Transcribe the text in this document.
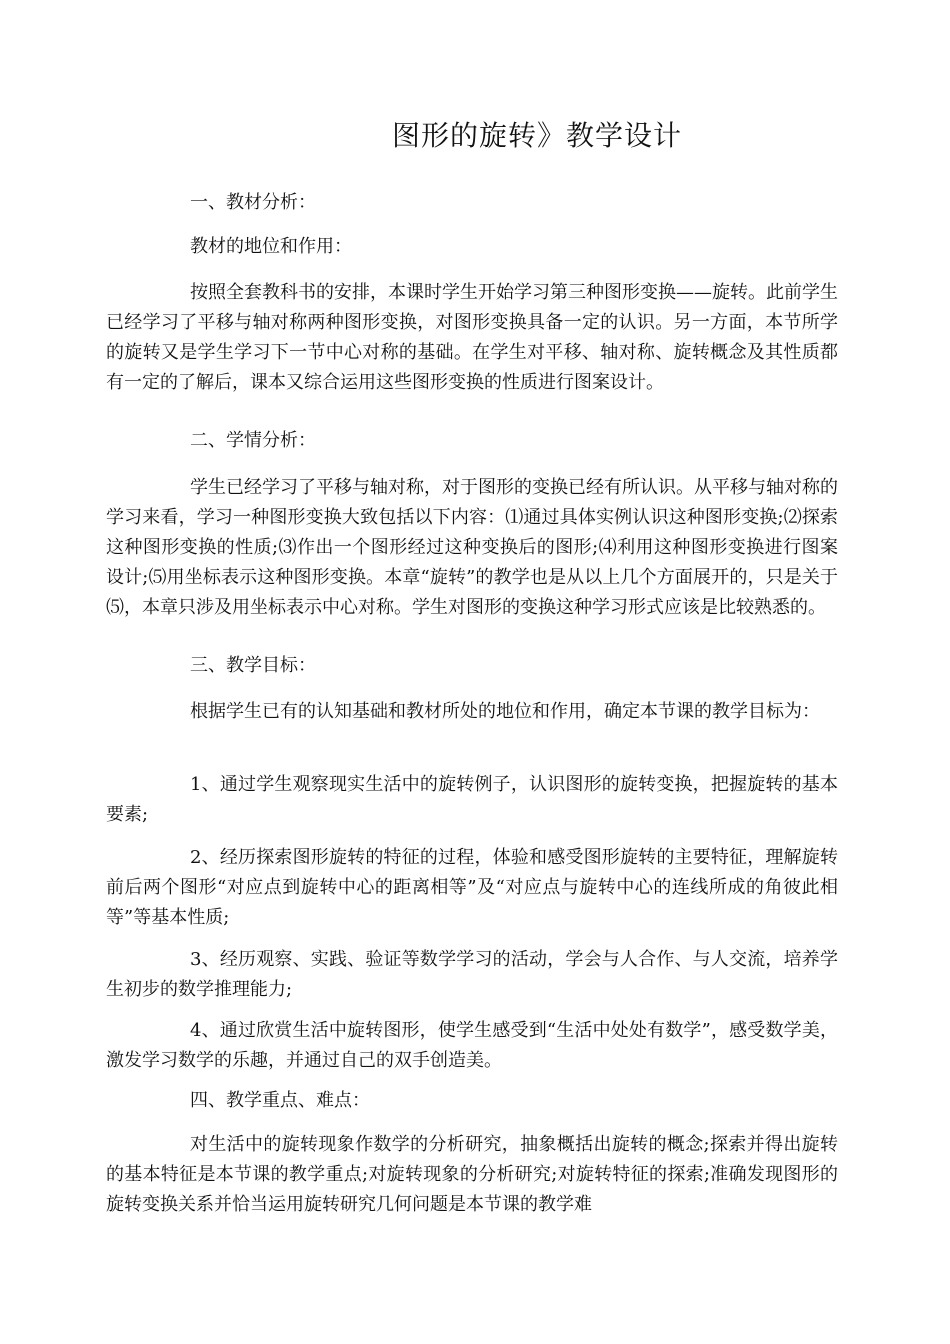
图形的旋转》教学设计
一、教材分析：
教材的地位和作用：
按照全套教科书的安排，本课时学生开始学习第三种图形变换——旋转。此前学生已经学习了平移与轴对称两种图形变换，对图形变换具备一定的认识。另一方面，本节所学的旋转又是学生学习下一节中心对称的基础。在学生对平移、轴对称、旋转概念及其性质都有一定的了解后，课本又综合运用这些图形变换的性质进行图案设计。
二、学情分析：
学生已经学习了平移与轴对称，对于图形的变换已经有所认识。从平移与轴对称的学习来看，学习一种图形变换大致包括以下内容：⑴通过具体实例认识这种图形变换;⑵探索这种图形变换的性质;⑶作出一个图形经过这种变换后的图形;⑷利用这种图形变换进行图案设计;⑸用坐标表示这种图形变换。本章“旋转”的教学也是从以上几个方面展开的，只是关于⑸，本章只涉及用坐标表示中心对称。学生对图形的变换这种学习形式应该是比较熟悉的。
三、教学目标：
根据学生已有的认知基础和教材所处的地位和作用，确定本节课的教学目标为：
1、通过学生观察现实生活中的旋转例子，认识图形的旋转变换，把握旋转的基本要素;
2、经历探索图形旋转的特征的过程，体验和感受图形旋转的主要特征，理解旋转前后两个图形“对应点到旋转中心的距离相等”及“对应点与旋转中心的连线所成的角彼此相等”等基本性质;
3、经历观察、实践、验证等数学学习的活动，学会与人合作、与人交流，培养学生初步的数学推理能力;
4、通过欣赏生活中旋转图形，使学生感受到“生活中处处有数学”，感受数学美，激发学习数学的乐趣，并通过自己的双手创造美。
四、教学重点、难点：
对生活中的旋转现象作数学的分析研究，抽象概括出旋转的概念;探索并得出旋转的基本特征是本节课的教学重点;对旋转现象的分析研究;对旋转特征的探索;准确发现图形的旋转变换关系并恰当运用旋转研究几何问题是本节课的教学难
